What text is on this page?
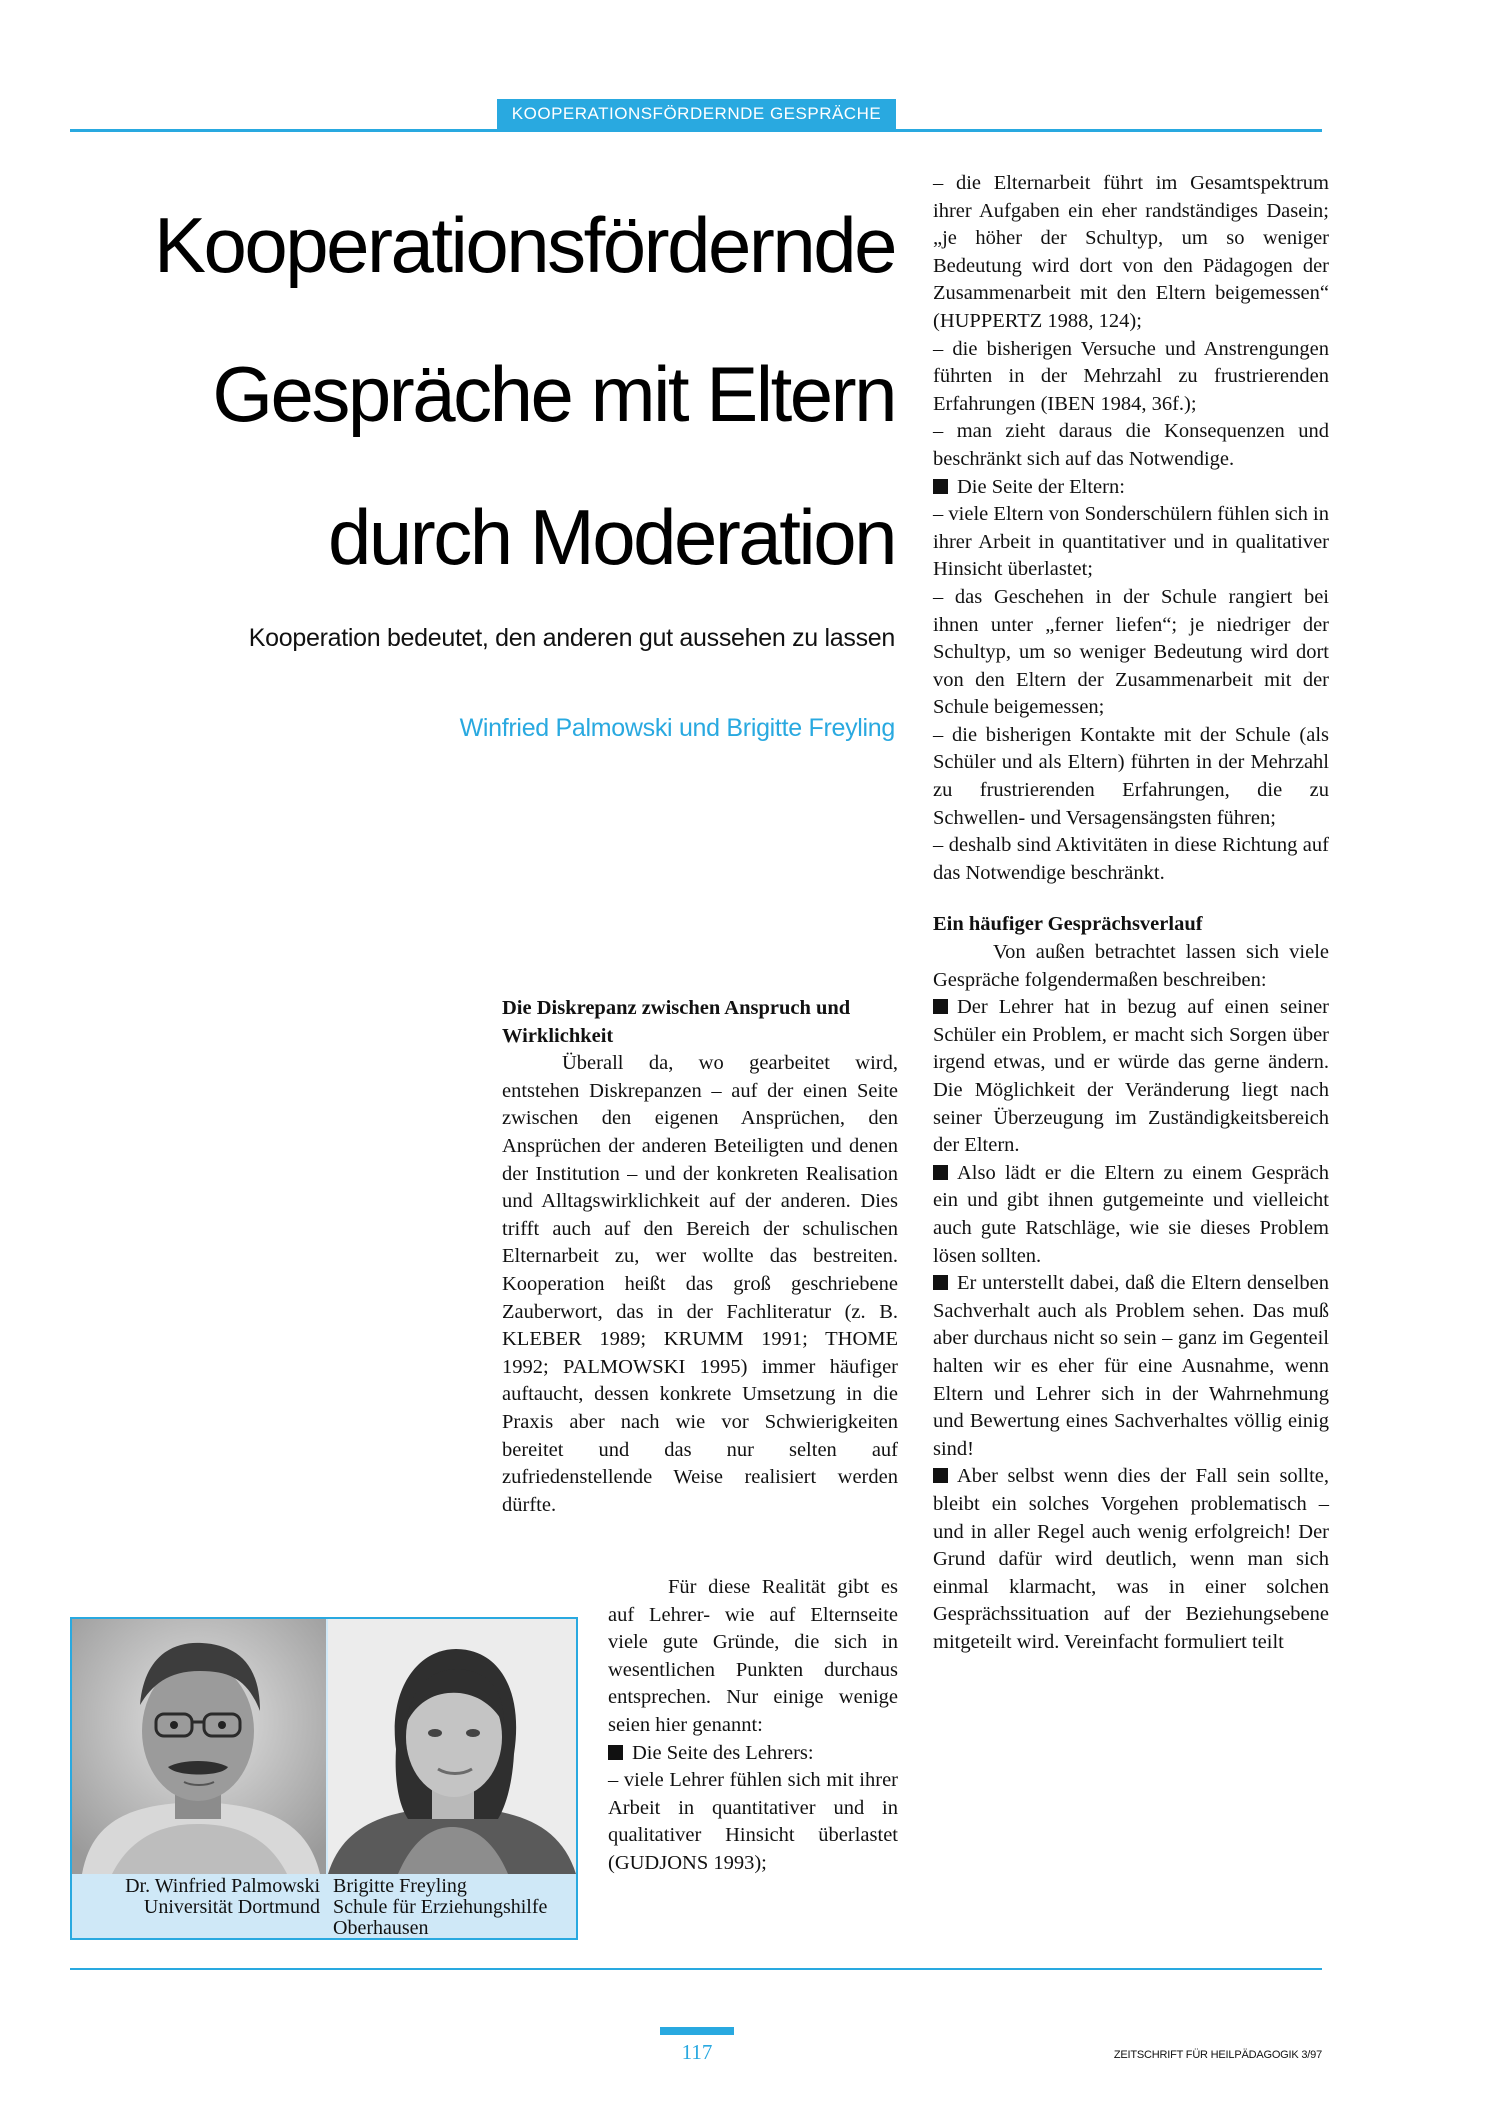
KOOPERATIONSFÖRDERNDE GESPRÄCHE
Kooperationsfördernde
Gespräche mit Eltern
durch Moderation
Kooperation bedeutet, den anderen gut aussehen zu lassen
Winfried Palmowski und Brigitte Freyling
Die Diskrepanz zwischen Anspruch und Wirklichkeit

Überall da, wo gearbeitet wird, entstehen Diskrepanzen – auf der einen Seite zwischen den eigenen Ansprüchen, den Ansprüchen der anderen Beteiligten und denen der Institution – und der konkreten Realisation und Alltagswirklichkeit auf der anderen. Dies trifft auch auf den Bereich der schulischen Elternarbeit zu, wer wollte das bestreiten. Kooperation heißt das groß geschriebene Zauberwort, das in der Fachliteratur (z. B. KLEBER 1989; KRUMM 1991; THOME 1992; PALMOWSKI 1995) immer häufiger auftaucht, dessen konkrete Umsetzung in die Praxis aber nach wie vor Schwierigkeiten bereitet und das nur selten auf zufriedenstellende Weise realisiert werden dürfte.

Für diese Realität gibt es auf Lehrer- wie auf Elternseite viele gute Gründe, die sich in wesentlichen Punkten durchaus entsprechen. Nur einige wenige seien hier genannt:

Die Seite des Lehrers:

– viele Lehrer fühlen sich mit ihrer Arbeit in quantitativer und in qualitativer Hinsicht überlastet (GUDJONS 1993);

– die Elternarbeit führt im Gesamtspektrum ihrer Aufgaben ein eher randständiges Dasein; „je höher der Schultyp, um so weniger Bedeutung wird dort von den Pädagogen der Zusammenarbeit mit den Eltern beigemessen“ (HUPPERTZ 1988, 124);

– die bisherigen Versuche und Anstrengungen führten in der Mehrzahl zu frustrierenden Erfahrungen (IBEN 1984, 36f.);

– man zieht daraus die Konsequenzen und beschränkt sich auf das Notwendige.

Die Seite der Eltern:

– viele Eltern von Sonderschülern fühlen sich in ihrer Arbeit in quantitativer und in qualitativer Hinsicht überlastet;

– das Geschehen in der Schule rangiert bei ihnen unter „ferner liefen“; je niedriger der Schultyp, um so weniger Bedeutung wird dort von den Eltern der Zusammenarbeit mit der Schule beigemessen;

– die bisherigen Kontakte mit der Schule (als Schüler und als Eltern) führten in der Mehrzahl zu frustrierenden Erfahrungen, die zu Schwellen- und Versagensängsten führen;

– deshalb sind Aktivitäten in diese Richtung auf das Notwendige beschränkt.

Ein häufiger Gesprächsverlauf

Von außen betrachtet lassen sich viele Gespräche folgendermaßen beschreiben:

Der Lehrer hat in bezug auf einen seiner Schüler ein Problem, er macht sich Sorgen über irgend etwas, und er würde das gerne ändern. Die Möglichkeit der Veränderung liegt nach seiner Überzeugung im Zuständigkeitsbereich der Eltern.

Also lädt er die Eltern zu einem Gespräch ein und gibt ihnen gutgemeinte und vielleicht auch gute Ratschläge, wie sie dieses Problem lösen sollten.

Er unterstellt dabei, daß die Eltern denselben Sachverhalt auch als Problem sehen. Das muß aber durchaus nicht so sein – ganz im Gegenteil halten wir es eher für eine Ausnahme, wenn Eltern und Lehrer sich in der Wahrnehmung und Bewertung eines Sachverhaltes völlig einig sind!

Aber selbst wenn dies der Fall sein sollte, bleibt ein solches Vorgehen problematisch – und in aller Regel auch wenig erfolgreich! Der Grund dafür wird deutlich, wenn man sich einmal klarmacht, was in einer solchen Gesprächssituation auf der Beziehungsebene mitgeteilt wird. Vereinfacht formuliert teilt

Dr. Winfried Palmowski
Universität Dortmund
Brigitte Freyling
Schule für Erziehungshilfe
Oberhausen
117	ZEITSCHRIFT FÜR HEILPÄDAGOGIK 3/97
